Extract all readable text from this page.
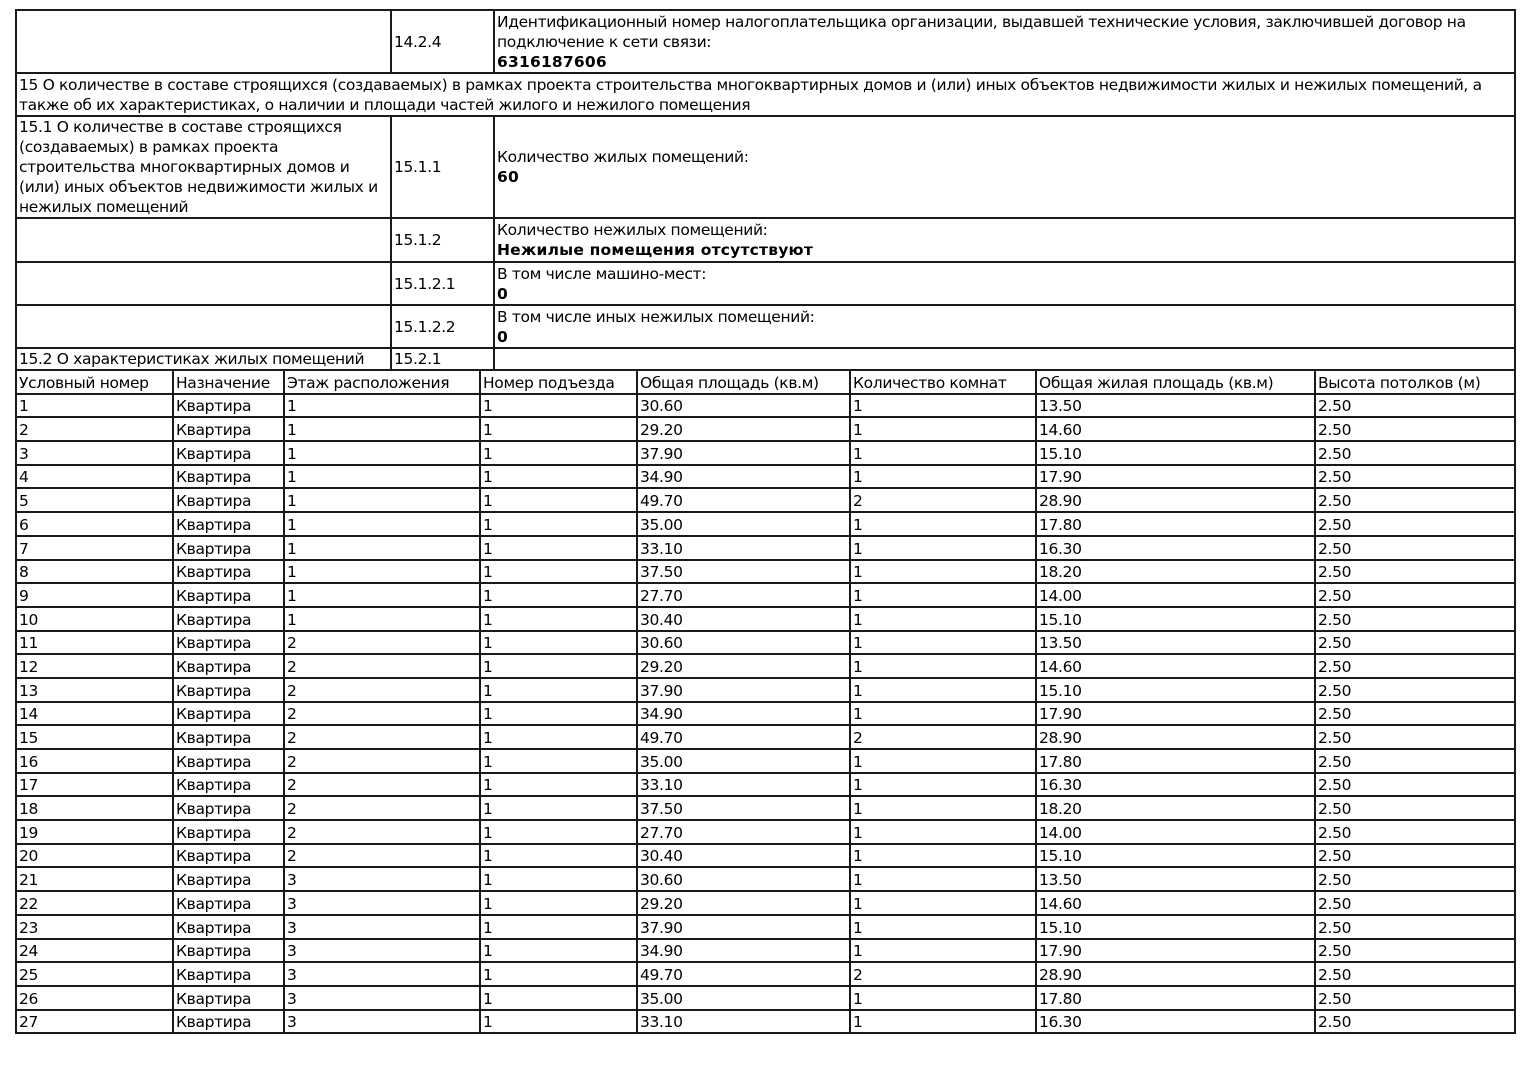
	14.2.4	Идентификационный номер налогоплательщика организации, выдавшей технические условия, заключившей договор на подключение к сети связи:
6316187606

15 О количестве в составе строящихся (создаваемых) в рамках проекта строительства многоквартирных домов и (или) иных объектов недвижимости жилых и нежилых помещений, а также об их характеристиках, о наличии и площади частей жилого и нежилого помещения		
15.1 О количестве в составе строящихся (создаваемых) в рамках проекта строительства многоквартирных домов и (или) иных объектов недвижимости жилых и нежилых помещений	15.1.1	Количество жилых помещений:
60

	15.1.2	Количество нежилых помещений:
Нежилые помещения отсутствуют

	15.1.2.1	В том числе машино-мест:
0

	15.1.2.2	В том числе иных нежилых помещений:
0

15.2 О характеристиках жилых помещений	15.2.1	
Условный номер	Назначение	Этаж расположения	Номер подъезда	Общая площадь (кв.м)	Количество комнат	Общая жилая площадь (кв.м)	Высота потолков (м)
1	Квартира	1	1	30.60	1	13.50	2.50
2	Квартира	1	1	29.20	1	14.60	2.50
3	Квартира	1	1	37.90	1	15.10	2.50
4	Квартира	1	1	34.90	1	17.90	2.50
5	Квартира	1	1	49.70	2	28.90	2.50
6	Квартира	1	1	35.00	1	17.80	2.50
7	Квартира	1	1	33.10	1	16.30	2.50
8	Квартира	1	1	37.50	1	18.20	2.50
9	Квартира	1	1	27.70	1	14.00	2.50
10	Квартира	1	1	30.40	1	15.10	2.50
11	Квартира	2	1	30.60	1	13.50	2.50
12	Квартира	2	1	29.20	1	14.60	2.50
13	Квартира	2	1	37.90	1	15.10	2.50
14	Квартира	2	1	34.90	1	17.90	2.50
15	Квартира	2	1	49.70	2	28.90	2.50
16	Квартира	2	1	35.00	1	17.80	2.50
17	Квартира	2	1	33.10	1	16.30	2.50
18	Квартира	2	1	37.50	1	18.20	2.50
19	Квартира	2	1	27.70	1	14.00	2.50
20	Квартира	2	1	30.40	1	15.10	2.50
21	Квартира	3	1	30.60	1	13.50	2.50
22	Квартира	3	1	29.20	1	14.60	2.50
23	Квартира	3	1	37.90	1	15.10	2.50
24	Квартира	3	1	34.90	1	17.90	2.50
25	Квартира	3	1	49.70	2	28.90	2.50
26	Квартира	3	1	35.00	1	17.80	2.50
27	Квартира	3	1	33.10	1	16.30	2.50
